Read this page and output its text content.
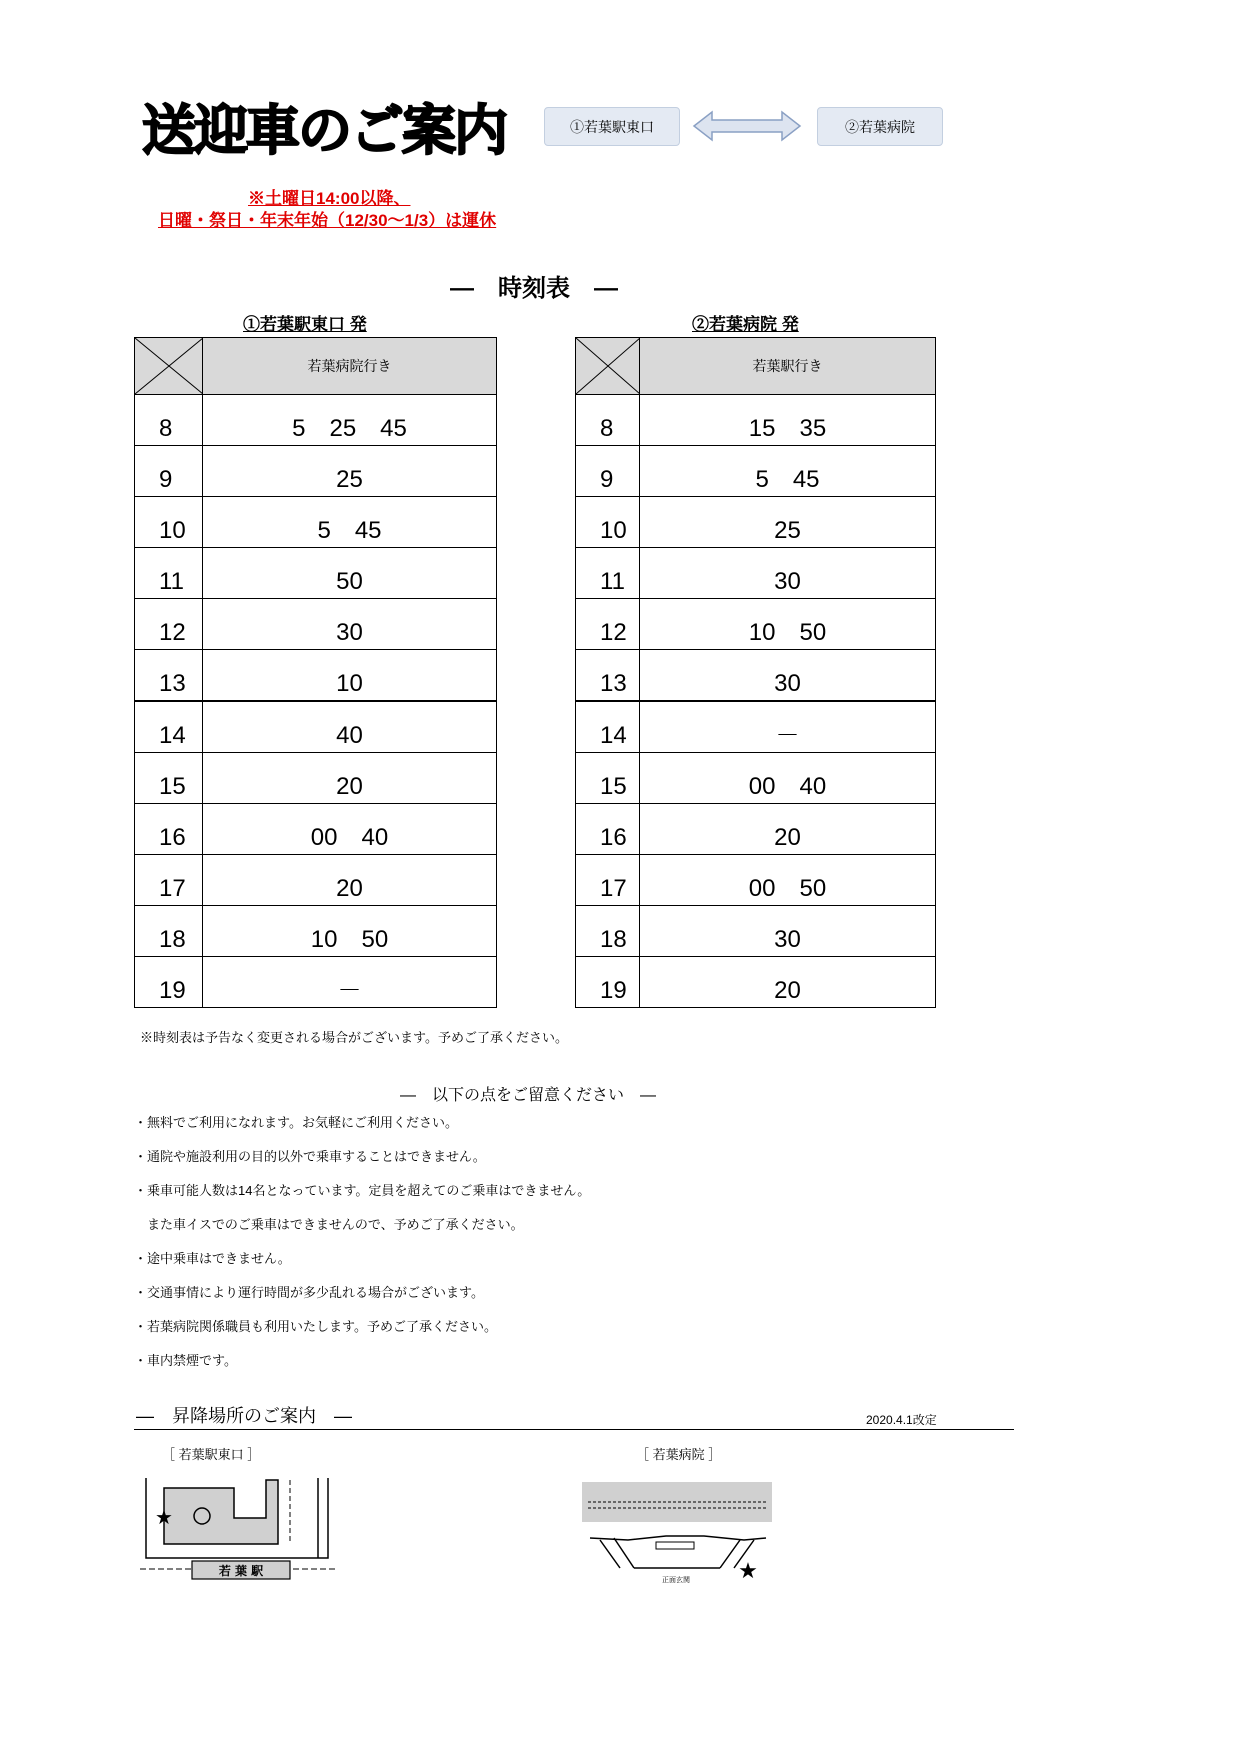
送迎車のご案内	①若葉駅東口	②若葉病院
※土曜日14:00以降、
日曜・祭日・年末年始（12/30～1/3）は運休
—　時刻表　—
①若葉駅東口 発	②若葉病院 発
	若葉病院行き
8	5　25　45
9	25
10	5　45
11	50
12	30
13	10
14	40
15	20
16	00　40
17	20
18	10　50
19	－
	若葉駅行き
8	15　35
9	5　45
10	25
11	30
12	10　50
13	30
14	－
15	00　40
16	20
17	00　50
18	30
19	20
※時刻表は予告なく変更される場合がございます。予めご了承ください。
—　以下の点をご留意ください　—
・無料でご利用になれます。お気軽にご利用ください。
・通院や施設利用の目的以外で乗車することはできません。
・乗車可能人数は14名となっています。定員を超えてのご乗車はできません。
　また車イスでのご乗車はできませんので、予めご了承ください。
・途中乗車はできません。
・交通事情により運行時間が多少乱れる場合がございます。
・若葉病院関係職員も利用いたします。予めご了承ください。
・車内禁煙です。
—　昇降場所のご案内　—	2020.4.1改定
［ 若葉駅東口 ］	［ 若葉病院 ］
★
若 葉 駅	★
正面玄関
